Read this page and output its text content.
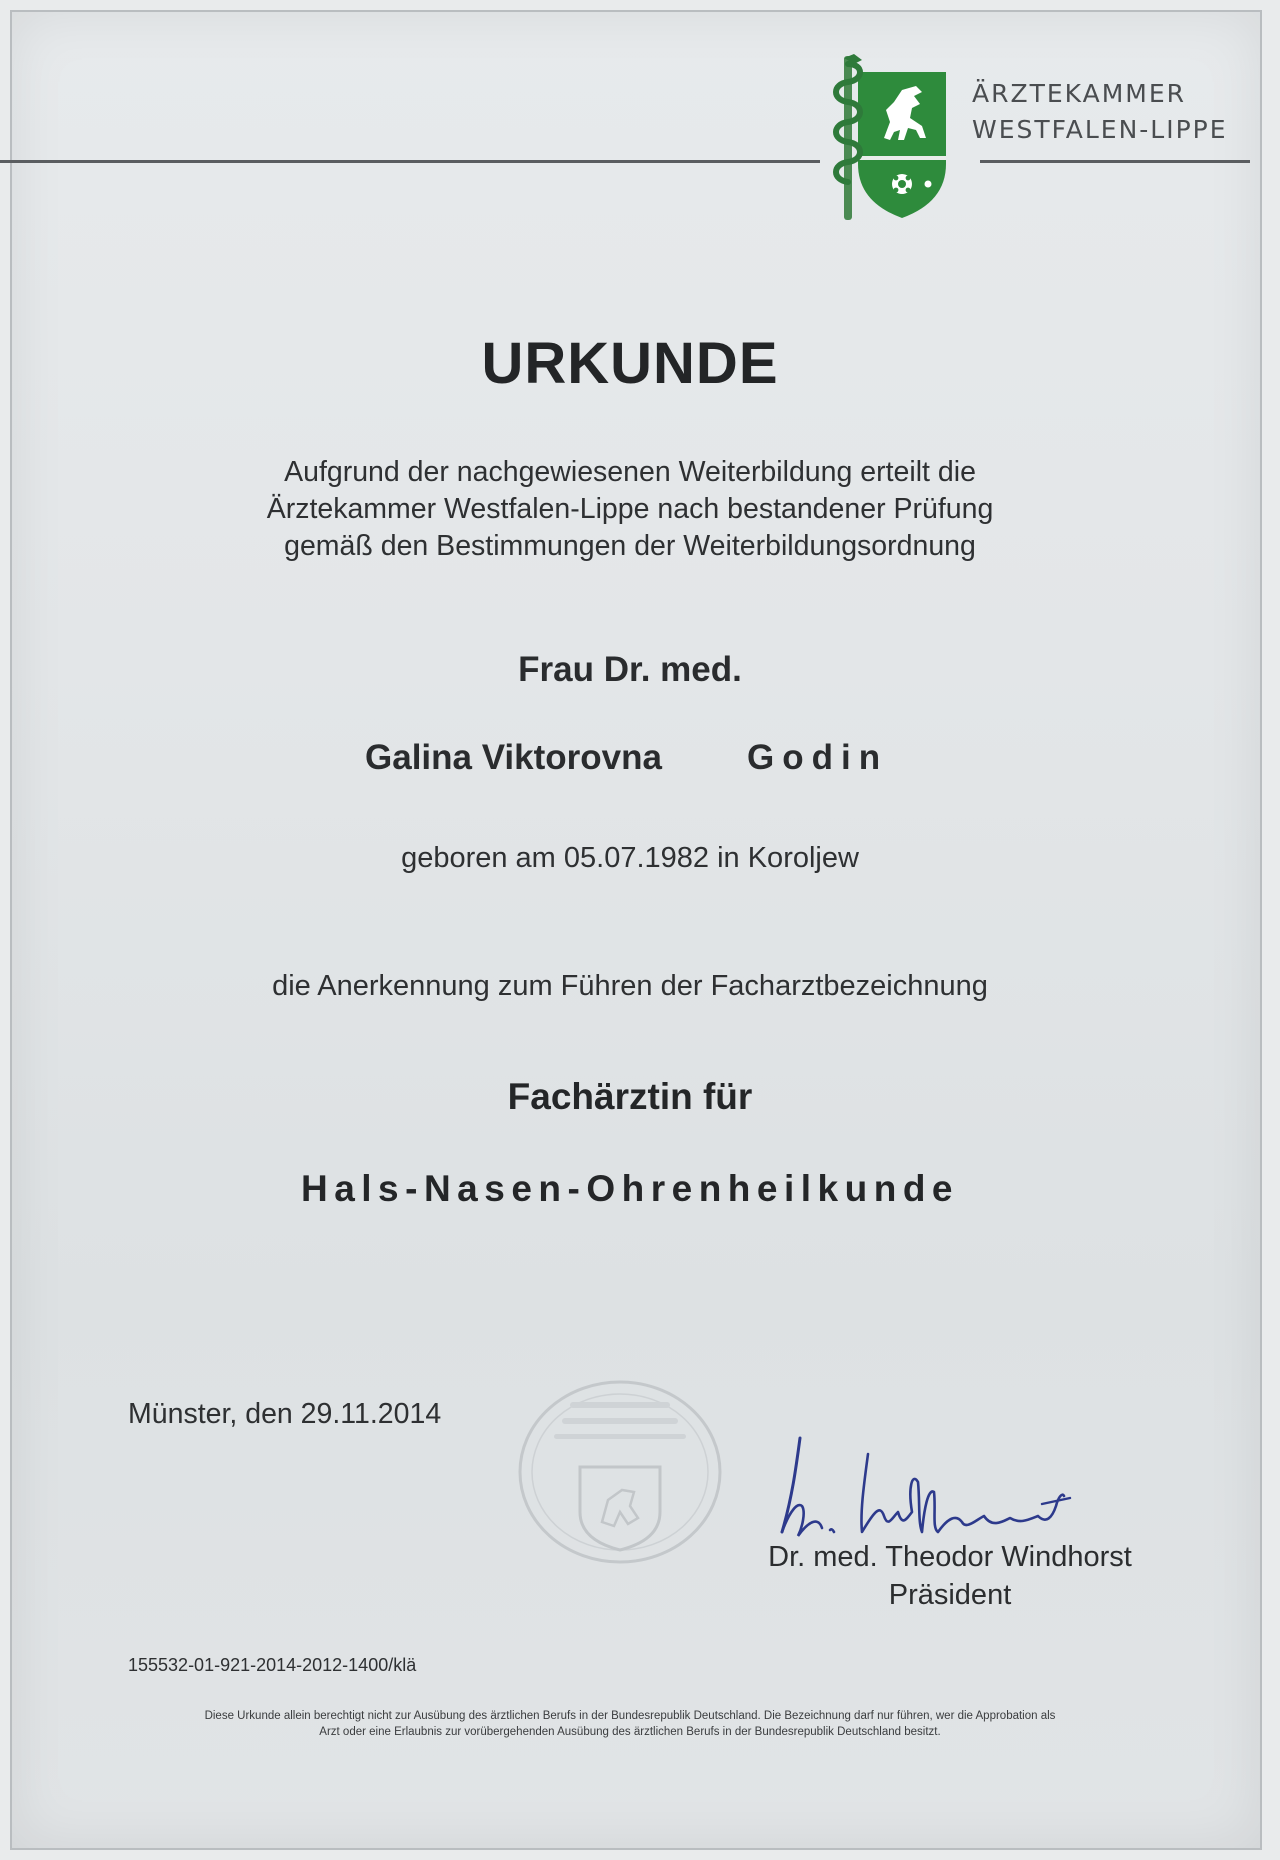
ÄRZTEKAMMER
WESTFALEN-LIPPE
URKUNDE
Aufgrund der nachgewiesenen Weiterbildung erteilt die
Ärztekammer Westfalen-Lippe nach bestandener Prüfung
gemäß den Bestimmungen der Weiterbildungsordnung
Frau Dr. med.
Galina Viktorovna Godin
geboren am 05.07.1982 in Koroljew
die Anerkennung zum Führen der Facharztbezeichnung
Fachärztin für
Hals-Nasen-Ohrenheilkunde
Münster, den 29.11.2014
Dr. med. Theodor Windhorst
Präsident
155532-01-921-2014-2012-1400/klä
Diese Urkunde allein berechtigt nicht zur Ausübung des ärztlichen Berufs in der Bundesrepublik Deutschland. Die Bezeichnung darf nur führen, wer die Approbation als
Arzt oder eine Erlaubnis zur vorübergehenden Ausübung des ärztlichen Berufs in der Bundesrepublik Deutschland besitzt.
